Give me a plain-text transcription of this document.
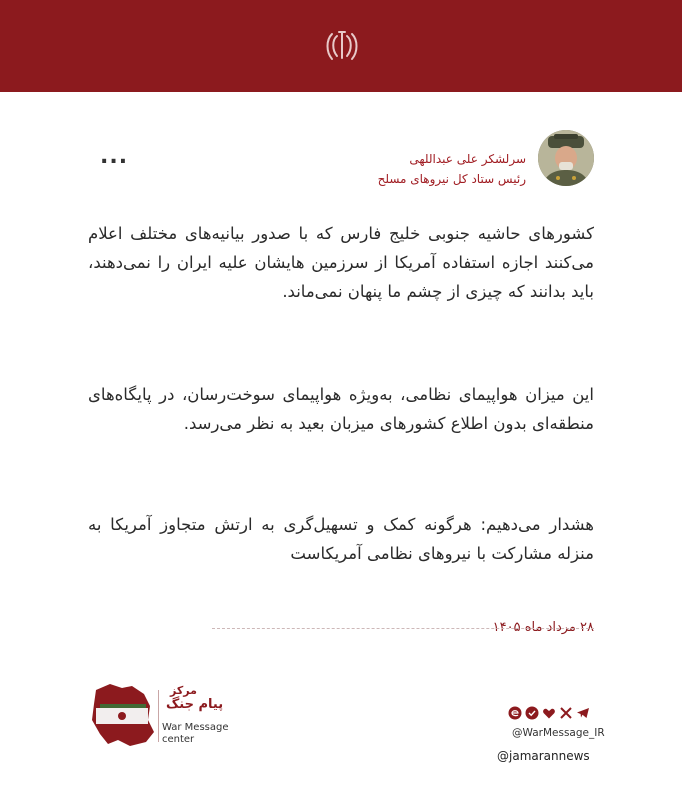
...	سرلشکر علی عبداللهی
رئیس ستاد کل نیروهای مسلح
کشورهای حاشیه جنوبی خلیج فارس که با صدور بیانیه‌های مختلف اعلام می‌کنند اجازه استفاده آمریکا از سرزمین هایشان علیه ایران را نمی‌دهند، باید بدانند که چیزی از چشم ما پنهان نمی‌ماند.
این میزان هواپیمای نظامی، به‌ویژه هواپیمای سوخت‌رسان، در پایگاه‌های منطقه‌ای بدون اطلاع کشورهای میزبان بعید به نظر می‌رسد.
هشدار می‌دهیم: هرگونه کمک و تسهیل‌گری به ارتش متجاوز آمریکا به منزله مشارکت با نیروهای نظامی آمریکاست
۲۸ مرداد ماه ۱۴۰۵
مرکز
پیام جنگ
War Message
center
@WarMessage_IR
@jamarannews
